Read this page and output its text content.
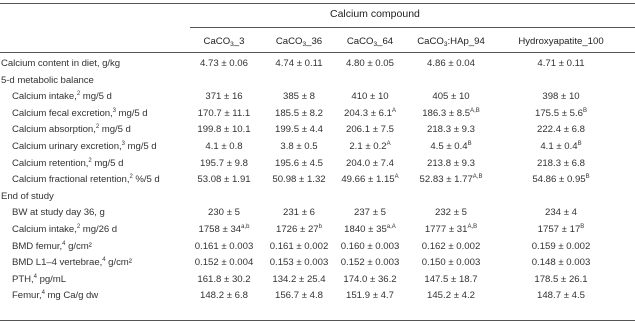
Calcium compound
CaCO$_3$_3	CaCO$_3$_36	CaCO$_3$_64	CaCO$_3$:HAp_94	Hydroxyapatite_100
Calcium content in diet, g/kg	4.73 ± 0.06	4.74 ± 0.11	4.80 ± 0.05	4.86 ± 0.04	4.71 ± 0.11
5-d metabolic balance
Calcium intake,$^2$ mg/5 d	371 ± 16	385 ± 8	410 ± 10	405 ± 10	398 ± 10
Calcium fecal excretion,$^3$ mg/5 d	170.7 ± 11.1	185.5 ± 8.2	$204.3 \pm 6.1^A$	$186.3 \pm 8.5^{A,B}$	$175.5 \pm 5.6^B$
Calcium absorption,$^2$ mg/5 d	199.8 ± 10.1	199.5 ± 4.4	206.1 ± 7.5	218.3 ± 9.3	222.4 ± 6.8
Calcium urinary excretion,$^3$ mg/5 d	4.1 ± 0.8	3.8 ± 0.5	$2.1 \pm 0.2^A$	$4.5 \pm 0.4^B$	$4.1 \pm 0.4^B$
Calcium retention,$^2$ mg/5 d	195.7 ± 9.8	195.6 ± 4.5	204.0 ± 7.4	213.8 ± 9.3	218.3 ± 6.8
Calcium fractional retention,$^2$ %/5 d	53.08 ± 1.91	50.98 ± 1.32	$49.66 \pm 1.15^A$	$52.83 \pm 1.77^{A,B}$	$54.86 \pm 0.95^B$
End of study
BW at study day 36, g	230 ± 5	231 ± 6	237 ± 5	232 ± 5	234 ± 4
Calcium intake,$^2$ mg/26 d	$1758 \pm 34^{a,b}$	$1726 \pm 27^b$	$1840 \pm 35^{a,A}$	$1777 \pm 31^{A,B}$	$1757 \pm 17^B$
BMD femur,$^4$ g/cm²	0.161 ± 0.003	0.161 ± 0.002	0.160 ± 0.003	0.162 ± 0.002	0.159 ± 0.002
BMD L1–4 vertebrae,$^4$ g/cm²	0.152 ± 0.004	0.153 ± 0.003	0.152 ± 0.003	0.150 ± 0.003	0.148 ± 0.003
PTH,$^4$ pg/mL	161.8 ± 30.2	134.2 ± 25.4	174.0 ± 36.2	147.5 ± 18.7	178.5 ± 26.1
Femur,$^4$ mg Ca/g dw	148.2 ± 6.8	156.7 ± 4.8	151.9 ± 4.7	145.2 ± 4.2	148.7 ± 4.5
